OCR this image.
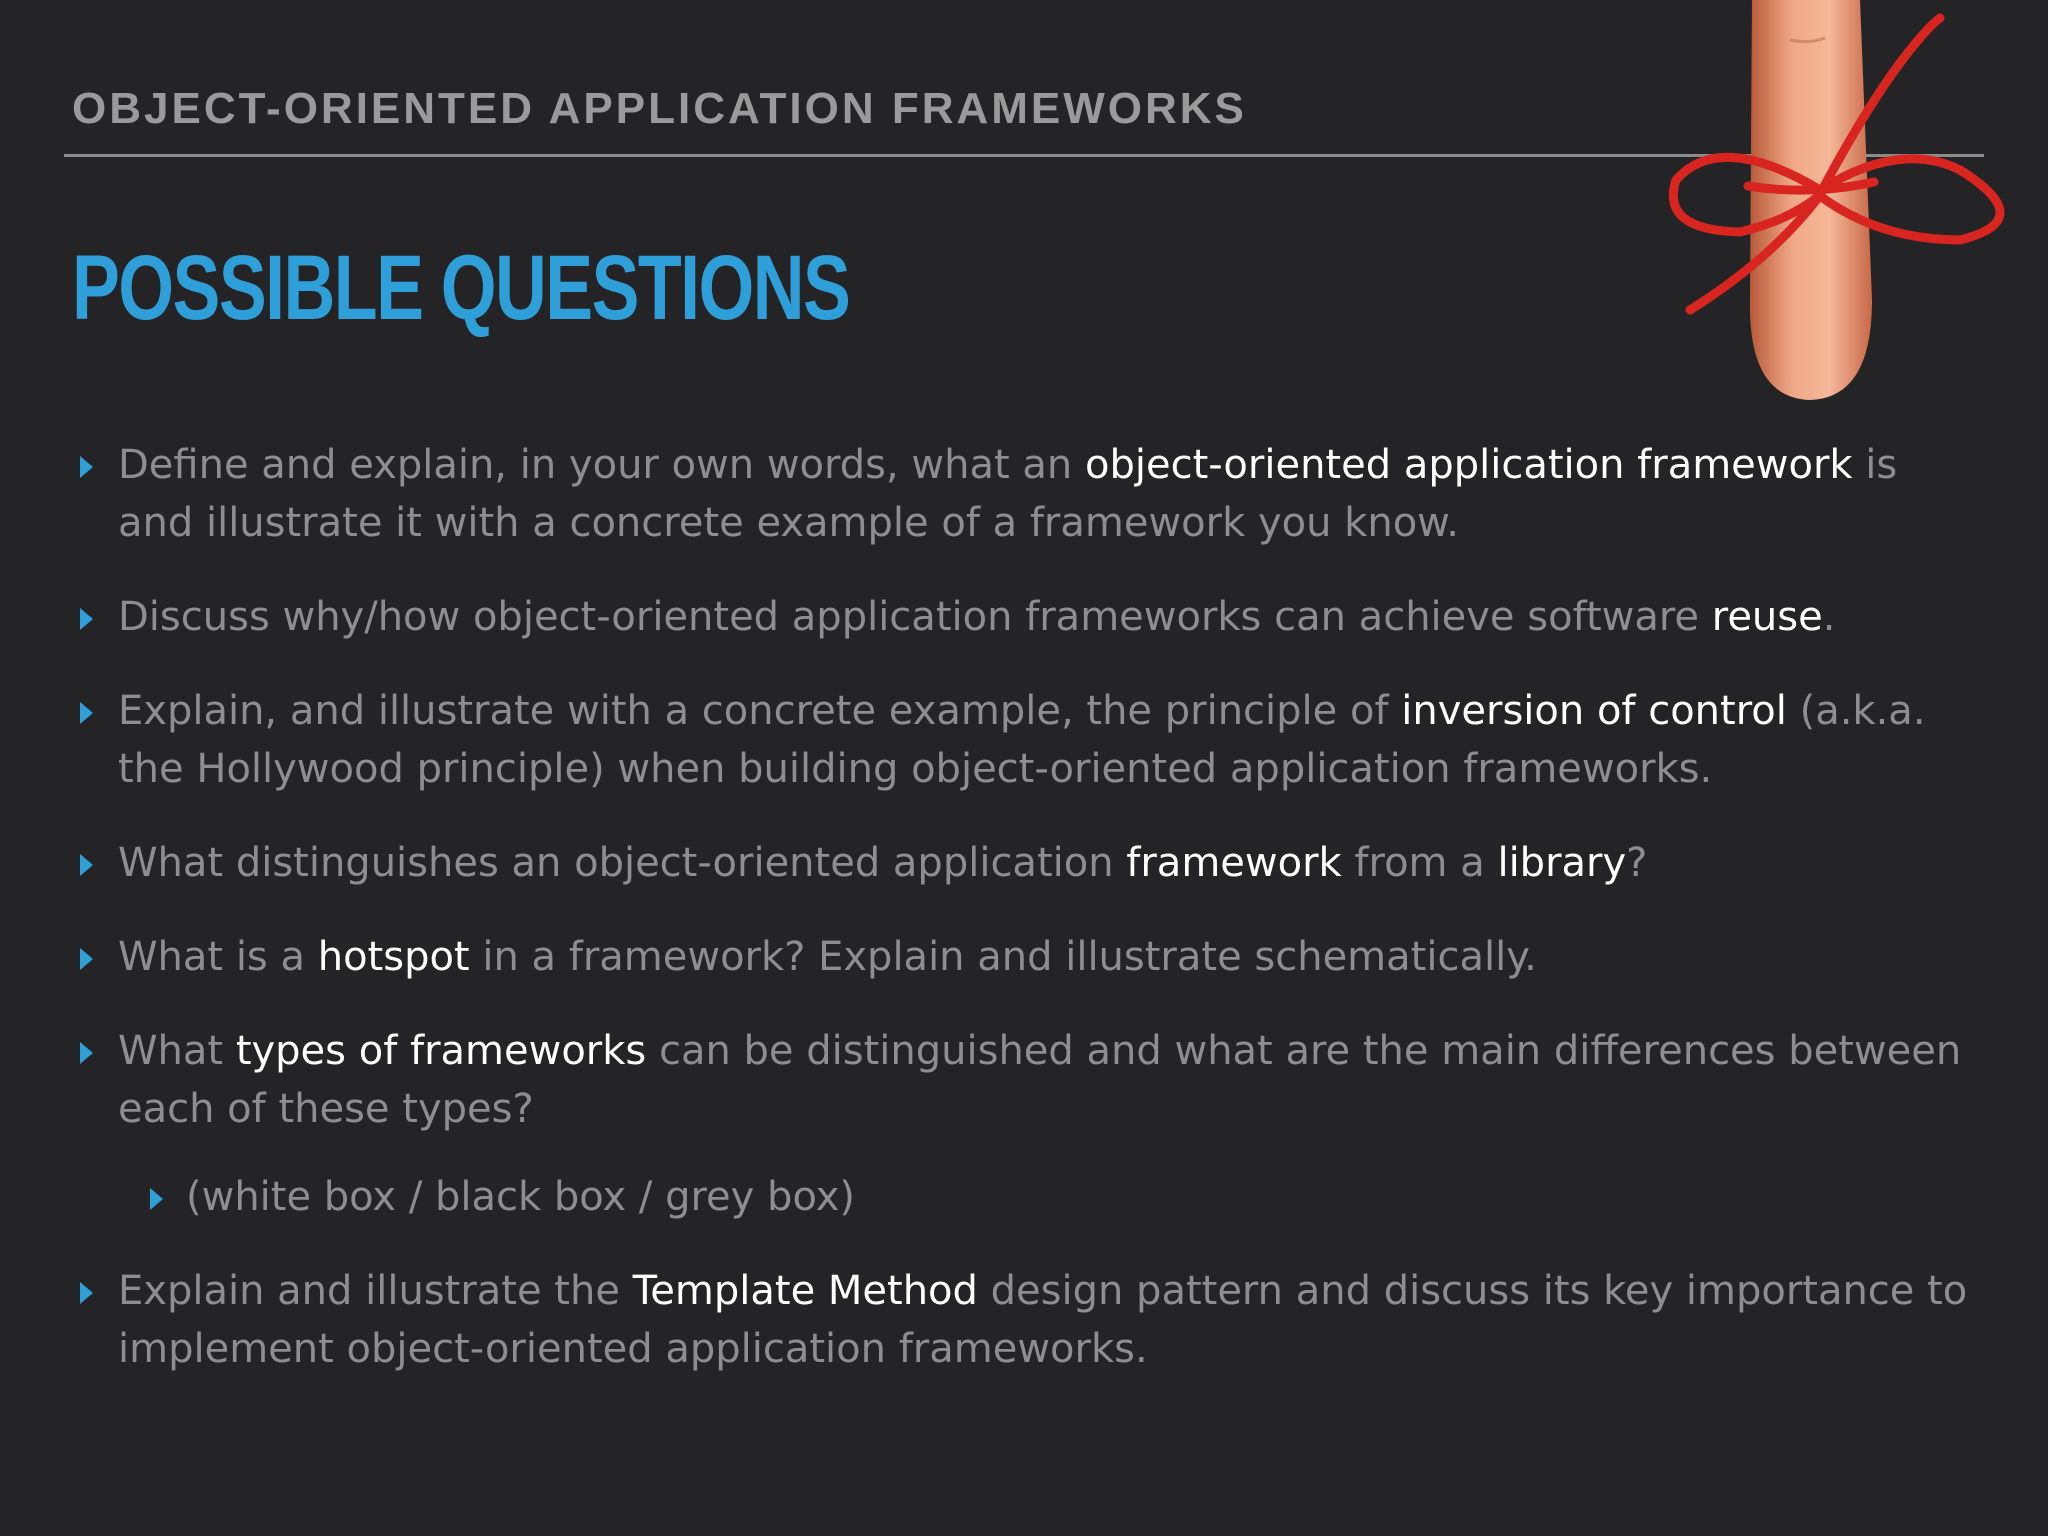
OBJECT-ORIENTED APPLICATION FRAMEWORKS
POSSIBLE QUESTIONS
Define and explain, in your own words, what an object-oriented application framework is and illustrate it with a concrete example of a framework you know.
Discuss why/how object-oriented application frameworks can achieve software reuse.
Explain, and illustrate with a concrete example, the principle of inversion of control (a.k.a. the Hollywood principle) when building object-oriented application frameworks.
What distinguishes an object-oriented application framework from a library?
What is a hotspot in a framework? Explain and illustrate schematically.
What types of frameworks can be distinguished and what are the main differences between each of these types?
(white box / black box / grey box)
Explain and illustrate the Template Method design pattern and discuss its key importance to implement object-oriented application frameworks.
